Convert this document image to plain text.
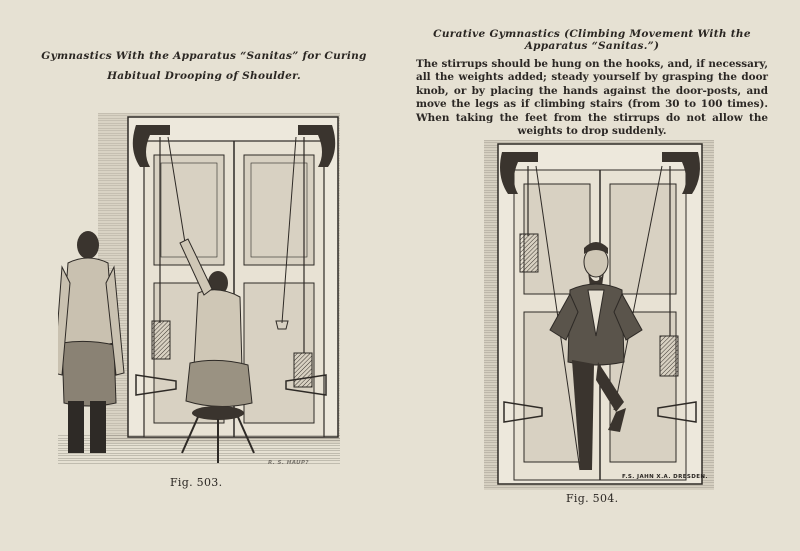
Gymnastics With the Apparatus “Sanitas” for Curing
Habitual Drooping of Shoulder.
Curative Gymnastics (Climbing Movement With the
Apparatus “Sanitas.”)
The stirrups should be hung on the hooks, and, if necessary, all the weights added; steady yourself by grasping the door knob, or by placing the hands against the door-posts, and move the legs as if climbing stairs (from 30 to 100 times). When taking the feet from the stirrups do not allow the weights to drop suddenly.
R. S. HAUP?
Fig. 503.	F.S. JAHN X.A. DRESDEN.
Fig. 504.
